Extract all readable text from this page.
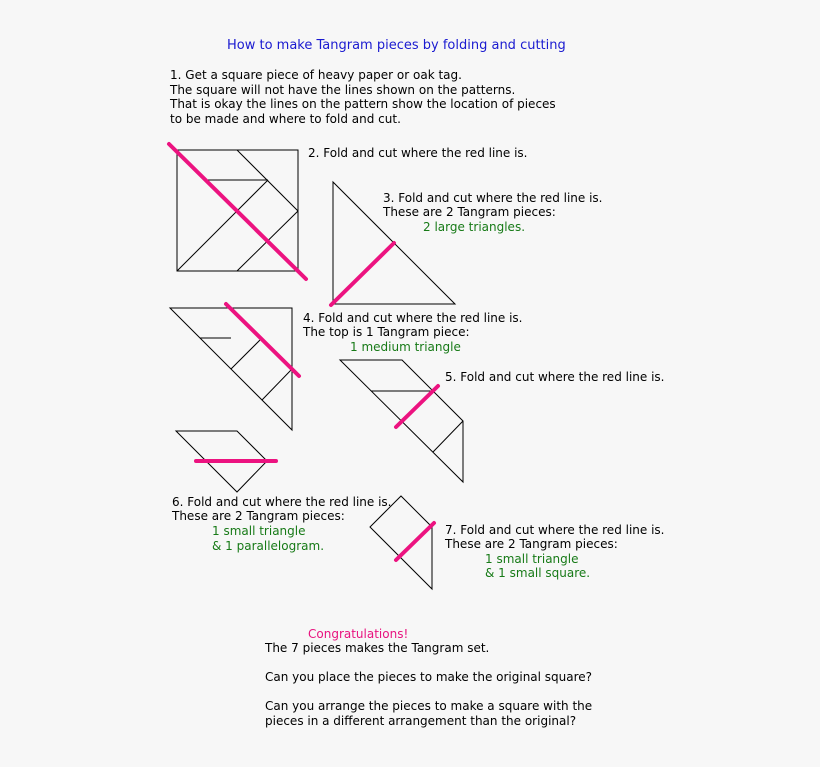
How to make Tangram pieces by folding and cutting
1. Get a square piece of heavy paper or oak tag.
The square will not have the lines shown on the patterns.
That is okay the lines on the pattern show the location of pieces
to be made and where to fold and cut.
2. Fold and cut where the red line is.
3. Fold and cut where the red line is.
These are 2 Tangram pieces:
2 large triangles.
4. Fold and cut where the red line is.
The top is 1 Tangram piece:
1 medium triangle
5. Fold and cut where the red line is.
6. Fold and cut where the red line is.
These are 2 Tangram pieces:
1 small triangle
& 1 parallelogram.
7. Fold and cut where the red line is.
These are 2 Tangram pieces:
1 small triangle
& 1 small square.
Congratulations!
The 7 pieces makes the Tangram set.
Can you place the pieces to make the original square?
Can you arrange the pieces to make a square with the
pieces in a different arrangement than the original?
